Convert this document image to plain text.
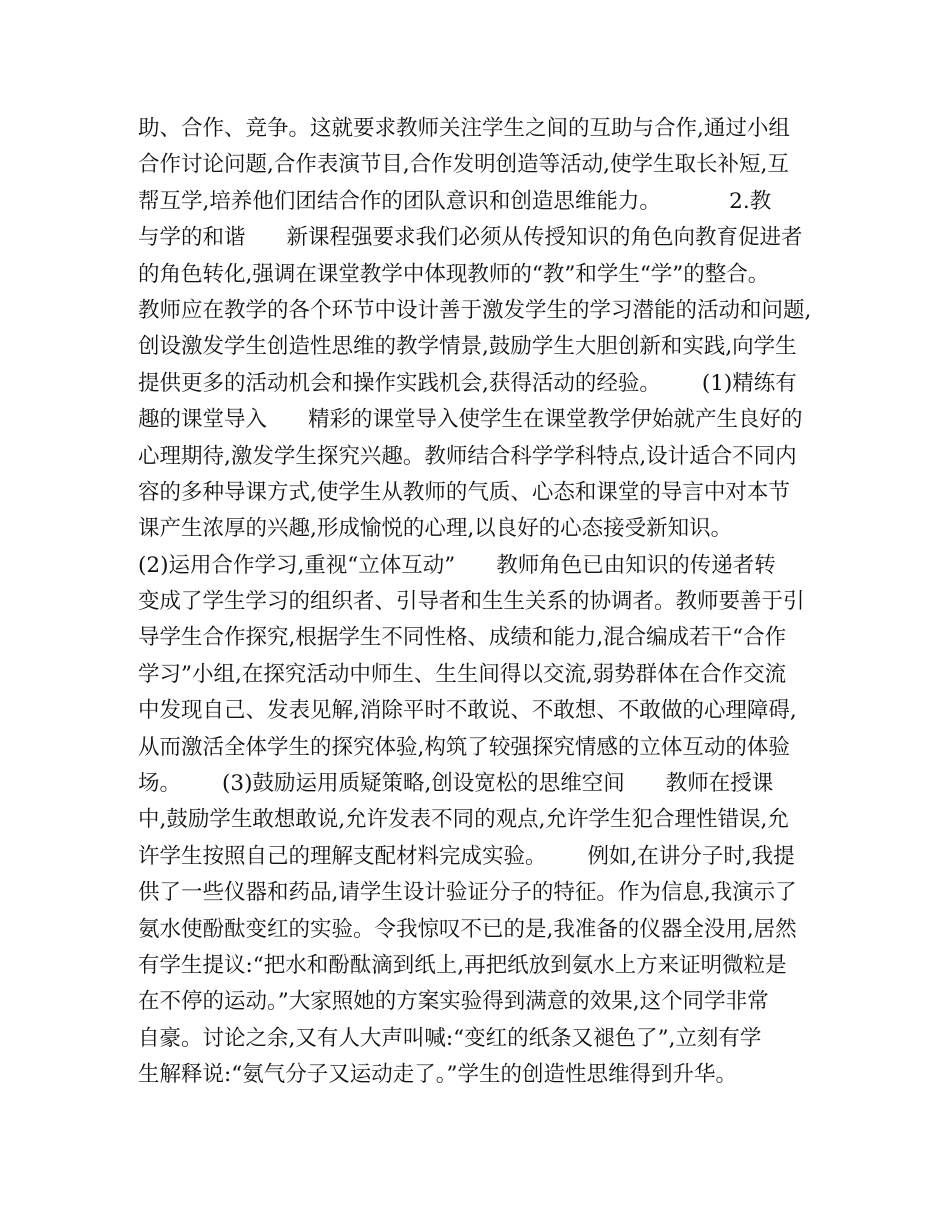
助、合作、竞争。这就要求教师关注学生之间的互助与合作,通过小组
合作讨论问题,合作表演节目,合作发明创造等活动,使学生取长补短,互
帮互学,培养他们团结合作的团队意识和创造思维能力。          2.教
与学的和谐      新课程强要求我们必须从传授知识的角色向教育促进者
的角色转化,强调在课堂教学中体现教师的“教”和学生“学”的整合。
教师应在教学的各个环节中设计善于激发学生的学习潜能的活动和问题,
创设激发学生创造性思维的教学情景,鼓励学生大胆创新和实践,向学生
提供更多的活动机会和操作实践机会,获得活动的经验。      (1)精练有
趣的课堂导入      精彩的课堂导入使学生在课堂教学伊始就产生良好的
心理期待,激发学生探究兴趣。教师结合科学学科特点,设计适合不同内
容的多种导课方式,使学生从教师的气质、心态和课堂的导言中对本节
课产生浓厚的兴趣,形成愉悦的心理,以良好的心态接受新知识。
(2)运用合作学习,重视“立体互动”      教师角色已由知识的传递者转
变成了学生学习的组织者、引导者和生生关系的协调者。教师要善于引
导学生合作探究,根据学生不同性格、成绩和能力,混合编成若干“合作
学习”小组,在探究活动中师生、生生间得以交流,弱势群体在合作交流
中发现自己、发表见解,消除平时不敢说、不敢想、不敢做的心理障碍,
从而激活全体学生的探究体验,构筑了较强探究情感的立体互动的体验
场。      (3)鼓励运用质疑策略,创设宽松的思维空间      教师在授课
中,鼓励学生敢想敢说,允许发表不同的观点,允许学生犯合理性错误,允
许学生按照自己的理解支配材料完成实验。      例如,在讲分子时,我提
供了一些仪器和药品,请学生设计验证分子的特征。作为信息,我演示了
氨水使酚酞变红的实验。令我惊叹不已的是,我准备的仪器全没用,居然
有学生提议:“把水和酚酞滴到纸上,再把纸放到氨水上方来证明微粒是
在不停的运动。”大家照她的方案实验得到满意的效果,这个同学非常
自豪。讨论之余,又有人大声叫喊:“变红的纸条又褪色了”,立刻有学
生解释说:“氨气分子又运动走了。”学生的创造性思维得到升华。
